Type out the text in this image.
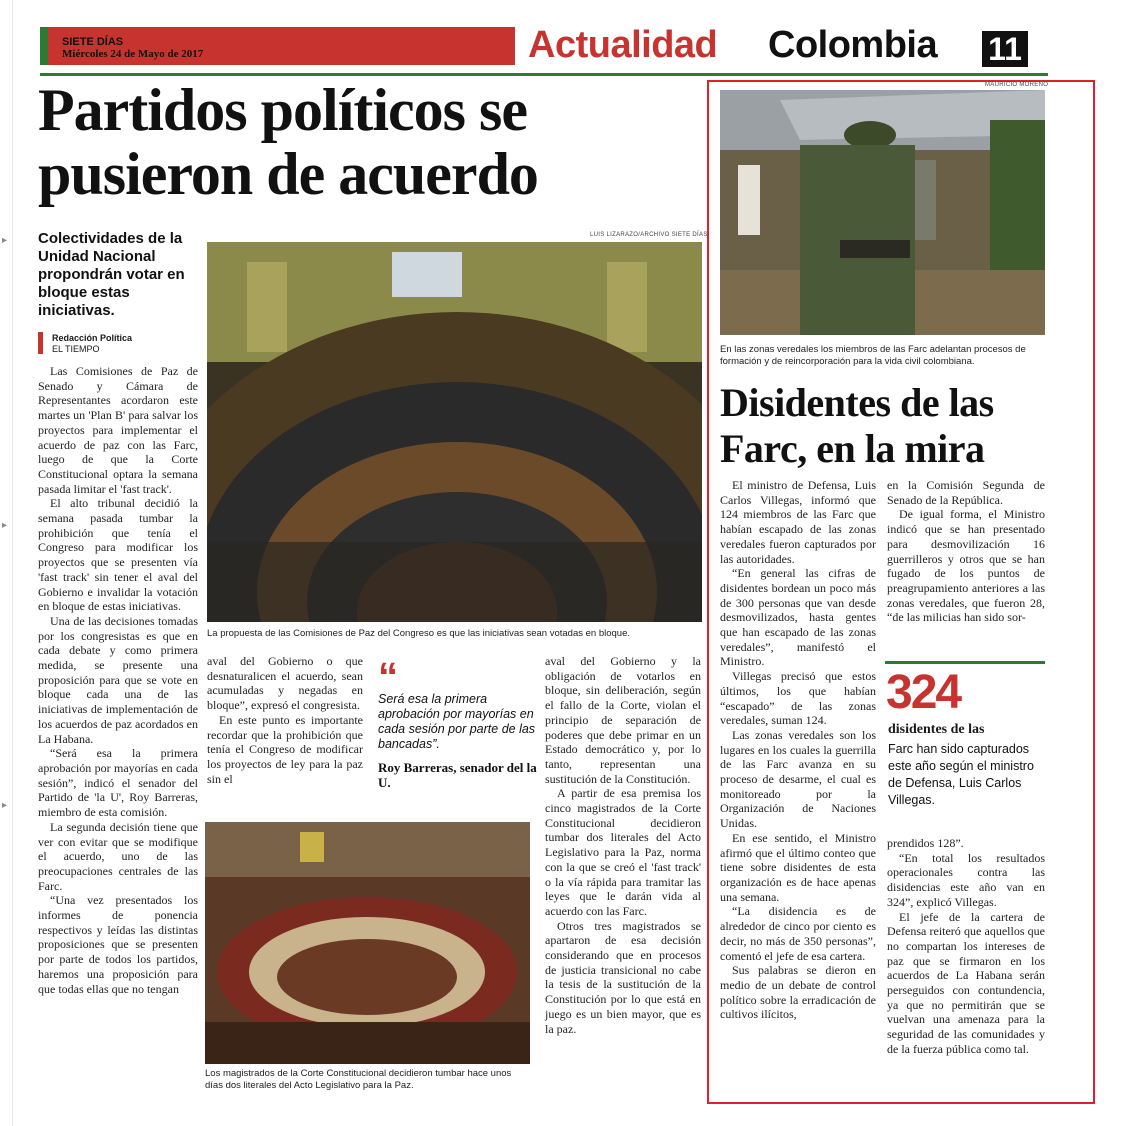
▸
▸
▸
SIETE DÍAS
Miércoles 24 de Mayo de 2017	Actualidad Colombia 11
Partidos políticos se pusieron de acuerdo
Colectividades de la Unidad Nacional propondrán votar en bloque estas iniciativas.
Redacción Política
EL TIEMPO

Las Comisiones de Paz de Senado y Cámara de Representantes acordaron este martes un 'Plan B' para salvar los proyectos para implementar el acuerdo de paz con las Farc, luego de que la Corte Constitucional optara la semana pasada limitar el 'fast track'.

El alto tribunal decidió la semana pasada tumbar la prohibición que tenía el Congreso para modificar los proyectos que se presenten vía 'fast track' sin tener el aval del Gobierno e invalidar la votación en bloque de estas iniciativas.

Una de las decisiones tomadas por los congresistas es que en cada debate y como primera medida, se presente una proposición para que se vote en bloque cada una de las iniciativas de implementación de los acuerdos de paz acordados en La Habana.

“Será esa la primera aprobación por mayorías en cada sesión”, indicó el senador del Partido de 'la U', Roy Barreras, miembro de esta comisión.

La segunda decisión tiene que ver con evitar que se modifique el acuerdo, uno de las preocupaciones centrales de las Farc.

“Una vez presentados los informes de ponencia respectivos y leídas las distintas proposiciones que se presenten por parte de todos los partidos, haremos una proposición para que todas ellas que no tengan

LUIS LIZARAZO/ARCHIVO SIETE DÍAS
La propuesta de las Comisiones de Paz del Congreso es que las iniciativas sean votadas en bloque.

aval del Gobierno o que desnaturalicen el acuerdo, sean acumuladas y negadas en bloque”, expresó el congresista.

En este punto es importante recordar que la prohibición que tenía el Congreso de modificar los proyectos de ley para la paz sin el

“
Será esa la primera aprobación por mayorías en cada sesión por parte de las bancadas”.
Roy Barreras, senador del la U.

aval del Gobierno y la obligación de votarlos en bloque, sin deliberación, según el fallo de la Corte, violan el principio de separación de poderes que debe primar en un Estado democrático y, por lo tanto, representan una sustitución de la Constitución.

A partir de esa premisa los cinco magistrados de la Corte Constitucional decidieron tumbar dos literales del Acto Legislativo para la Paz, norma con la que se creó el 'fast track' o la vía rápida para tramitar las leyes que le darán vida al acuerdo con las Farc.

Otros tres magistrados se apartaron de esa decisión considerando que en procesos de justicia transicional no cabe la tesis de la sustitución de la Constitución por lo que está en juego es un bien mayor, que es la paz.

Los magistrados de la Corte Constitucional decidieron tumbar hace unos días dos literales del Acto Legislativo para la Paz.
MAURICIO MORENO
En las zonas veredales los miembros de las Farc adelantan procesos de formación y de reincorporación para la vida civil colombiana.
Disidentes de las Farc, en la mira

El ministro de Defensa, Luis Carlos Villegas, informó que 124 miembros de las Farc que habían escapado de las zonas veredales fueron capturados por las autoridades.

“En general las cifras de disidentes bordean un poco más de 300 personas que van desde desmovilizados, hasta gentes que han escapado de las zonas veredales”, manifestó el Ministro.

Villegas precisó que estos últimos, los que habían “escapado” de las zonas veredales, suman 124.

Las zonas veredales son los lugares en los cuales la guerrilla de las Farc avanza en su proceso de desarme, el cual es monitoreado por la Organización de Naciones Unidas.

En ese sentido, el Ministro afirmó que el último conteo que tiene sobre disidentes de esta organización es de hace apenas una semana.

“La disidencia es de alrededor de cinco por ciento es decir, no más de 350 personas”, comentó el jefe de esa cartera.

Sus palabras se dieron en medio de un debate de control político sobre la erradicación de cultivos ilícitos,

en la Comisión Segunda de Senado de la República.

De igual forma, el Ministro indicó que se han presentado para desmovilización 16 guerrilleros y otros que se han fugado de los puntos de preagrupamiento anteriores a las zonas veredales, que fueron 28, “de las milicias han sido sor-

324
disidentes de las
Farc han sido capturados este año según el ministro de Defensa, Luis Carlos Villegas.

prendidos 128”.

“En total los resultados operacionales contra las disidencias este año van en 324”, explicó Villegas.

El jefe de la cartera de Defensa reiteró que aquellos que no compartan los intereses de paz que se firmaron en los acuerdos de La Habana serán perseguidos con contundencia, ya que no permitirán que se vuelvan una amenaza para la seguridad de las comunidades y de la fuerza pública como tal.
